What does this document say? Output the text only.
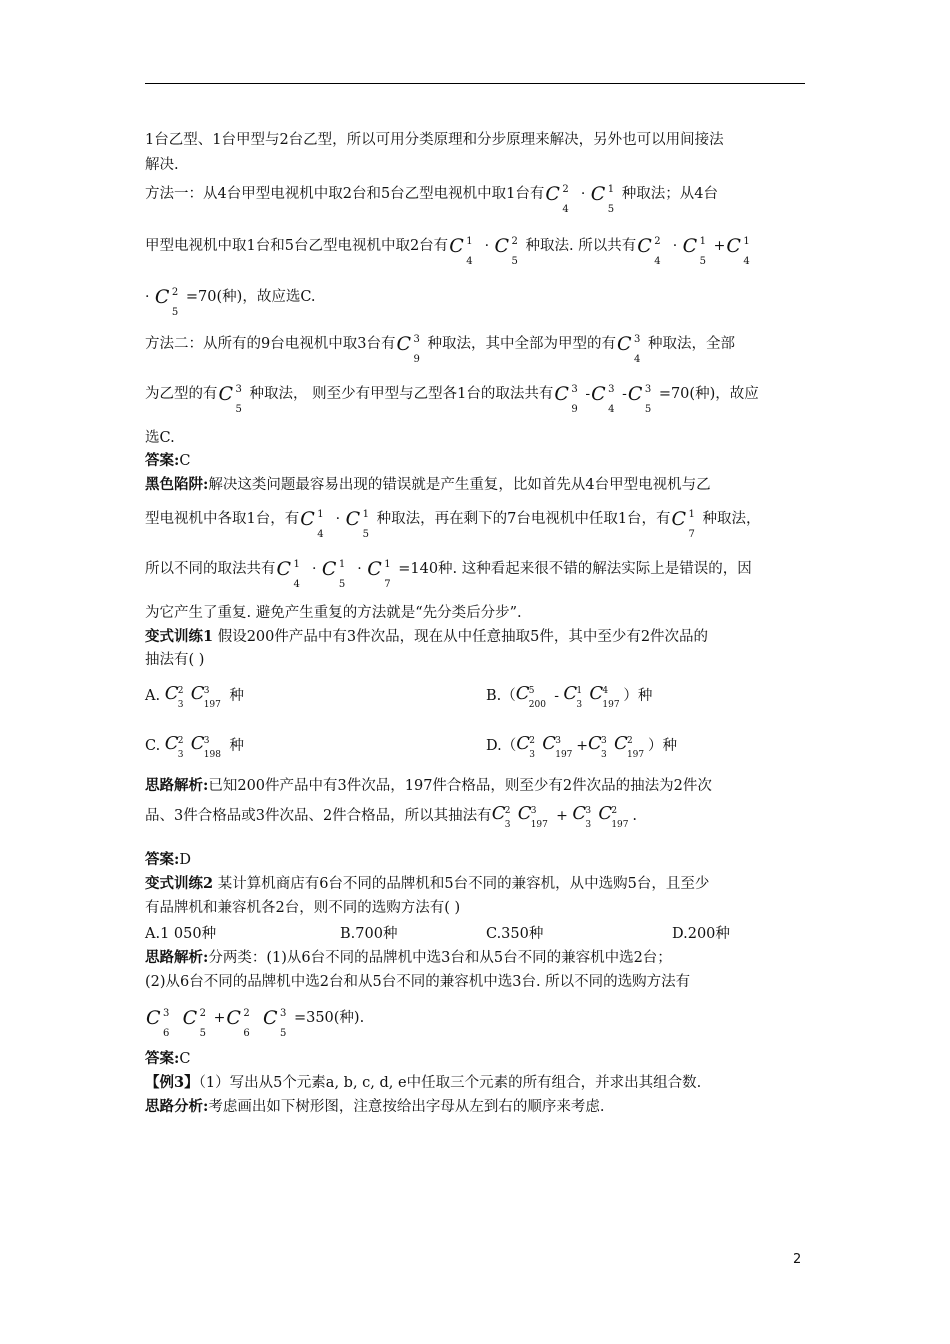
1台乙型、1台甲型与2台乙型，所以可用分类原理和分步原理来解决，另外也可以用间接法
解决.
方法一：从4台甲型电视机中取2台和5台乙型电视机中取1台有 C 2
4
· C 1
5
种取法；从4台
甲型电视机中取1台和5台乙型电视机中取2台有 C 1
4
· C 2
5
种取法. 所以共有 C 2
4
· C 1
5
+ C 1
4
· C 2
5
=70(种)，故应选C.
方法二：从所有的9台电视机中取3台有 C 3
9
种取法，其中全部为甲型的有 C 3
4
种取法，全部
为乙型的有 C 3
5
种取法， 则至少有甲型与乙型各1台的取法共有 C 3
9
- C 3
4
- C 3
5
=70(种)，故应
选C.
答案:C
黑色陷阱:解决这类问题最容易出现的错误就是产生重复，比如首先从4台甲型电视机与乙
型电视机中各取1台，有 C 1
4
· C 1
5
种取法，再在剩下的7台电视机中任取1台，有 C 1
7
种取法，
所以不同的取法共有 C 1
4
· C 1
5
· C 1
7
=140种. 这种看起来很不错的解法实际上是错误的，因
为它产生了重复. 避免产生重复的方法就是“先分类后分步”.
变式训练1 假设200件产品中有3件次品，现在从中任意抽取5件，其中至少有2件次品的
抽法有( )
A. C 2
3
C 3
197
种	B.（ C 5
200
- C 1
3
C 4
197
）种
C. C 2
3
C 3
198
种	D.（ C 2
3
C 3
197
+ C 3
3
C 2
197
）种
思路解析:已知200件产品中有3件次品，197件合格品，则至少有2件次品的抽法为2件次
品、3件合格品或3件次品、2件合格品，所以其抽法有 C 2
3
C 3
197
+ C 3
3
C 2
197
.
答案:D
变式训练2 某计算机商店有6台不同的品牌机和5台不同的兼容机，从中选购5台，且至少
有品牌机和兼容机各2台，则不同的选购方法有( )
A.1 050种	B.700种	C.350种	D.200种
思路解析:分两类：(1)从6台不同的品牌机中选3台和从5台不同的兼容机中选2台；
(2)从6台不同的品牌机中选2台和从5台不同的兼容机中选3台. 所以不同的选购方法有
C 3
6

C 2
5
+ C 2
6

C 3
5
=350(种).
答案:C
【例3】（1）写出从5个元素a, b, c, d, e中任取三个元素的所有组合，并求出其组合数.
思路分析:考虑画出如下树形图，注意按给出字母从左到右的顺序来考虑.
2
